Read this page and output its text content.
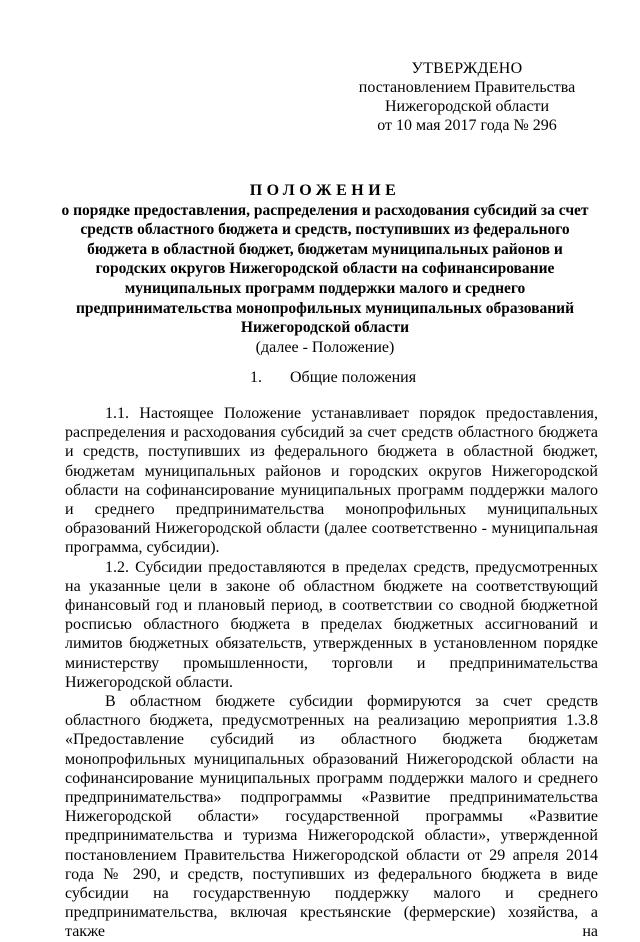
УТВЕРЖДЕНО
постановлением Правительства
Нижегородской области
от 10 мая 2017 года № 296
ПОЛОЖЕНИЕ
о порядке предоставления, распределения и расходования субсидий за счет
средств областного бюджета и средств, поступивших из федерального
бюджета в областной бюджет, бюджетам муниципальных районов и
городских округов Нижегородской области на софинансирование
муниципальных программ поддержки малого и среднего
предпринимательства монопрофильных муниципальных образований
Нижегородской области
(далее - Положение)
1. Общие положения

1.1. Настоящее Положение устанавливает порядок предоставления, распределения и расходования субсидий за счет средств областного бюджета и средств, поступивших из федерального бюджета в областной бюджет, бюджетам муниципальных районов и городских округов Нижегородской области на софинансирование муниципальных программ поддержки малого и среднего предпринимательства монопрофильных муниципальных образований Нижегородской области (далее соответственно - муниципальная программа, субсидии).

1.2. Субсидии предоставляются в пределах средств, предусмотренных на указанные цели в законе об областном бюджете на соответствующий финансовый год и плановый период, в соответствии со сводной бюджетной росписью областного бюджета в пределах бюджетных ассигнований и лимитов бюджетных обязательств, утвержденных в установленном порядке министерству промышленности, торговли и предпринимательства Нижегородской области.

В областном бюджете субсидии формируются за счет средств областного бюджета, предусмотренных на реализацию мероприятия 1.3.8 «Предоставление субсидий из областного бюджета бюджетам монопрофильных муниципальных образований Нижегородской области на софинансирование муниципальных программ поддержки малого и среднего предпринимательства» подпрограммы «Развитие предпринимательства Нижегородской области» государственной программы «Развитие предпринимательства и туризма Нижегородской области», утвержденной постановлением Правительства Нижегородской области от 29 апреля 2014 года № 290, и средств, поступивших из федерального бюджета в виде субсидии на государственную поддержку малого и среднего предпринимательства, включая крестьянские (фермерские) хозяйства, а также на
